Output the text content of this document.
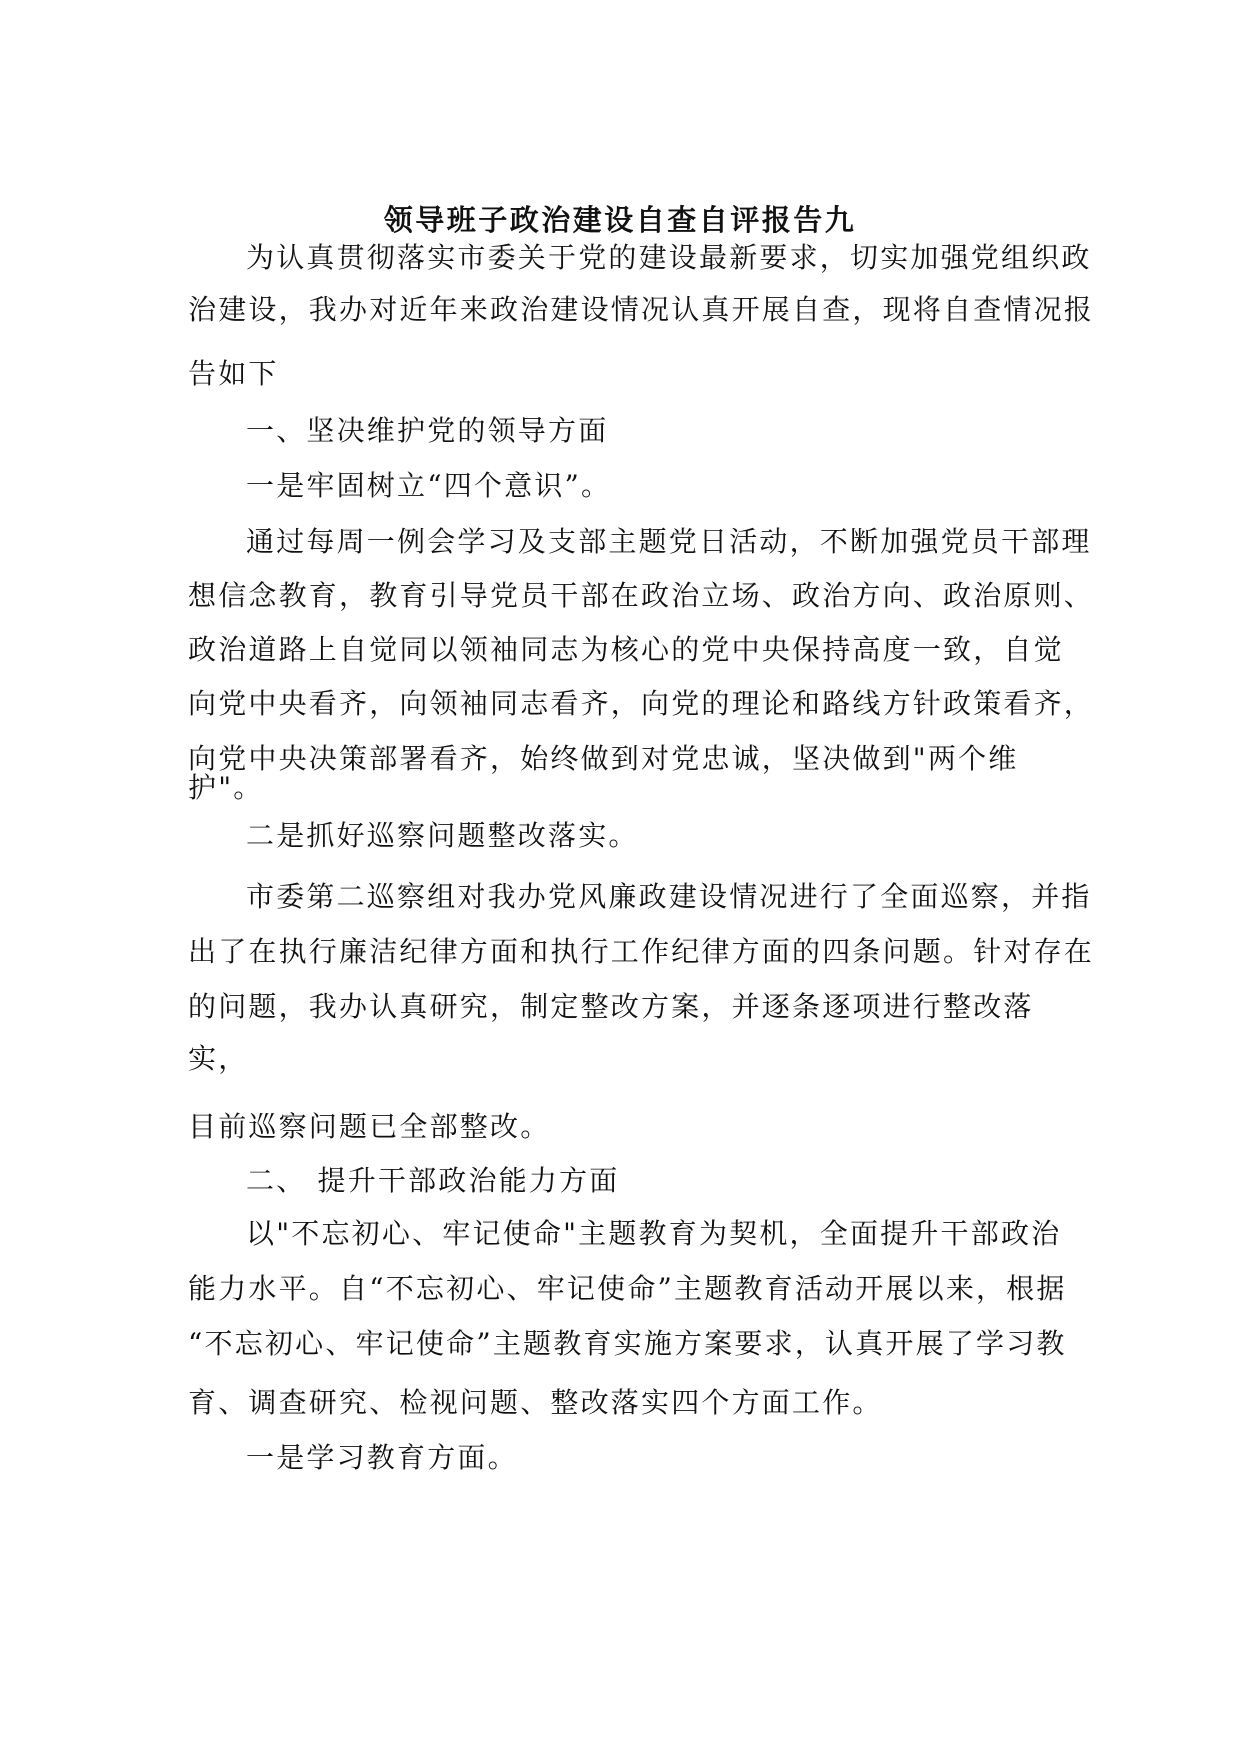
领导班子政治建设自查自评报告九
为认真贯彻落实市委关于党的建设最新要求，切实加强党组织政
治建设，我办对近年来政治建设情况认真开展自查，现将自查情况报
告如下
一、坚决维护党的领导方面
一是牢固树立“四个意识”。
通过每周一例会学习及支部主题党日活动，不断加强党员干部理
想信念教育，教育引导党员干部在政治立场、政治方向、政治原则、
政治道路上自觉同以领袖同志为核心的党中央保持高度一致，自觉
向党中央看齐，向领袖同志看齐，向党的理论和路线方针政策看齐，
向党中央决策部署看齐，始终做到对党忠诚，坚决做到"两个维
护"。
二是抓好巡察问题整改落实。
市委第二巡察组对我办党风廉政建设情况进行了全面巡察，并指
出了在执行廉洁纪律方面和执行工作纪律方面的四条问题。针对存在
的问题，我办认真研究，制定整改方案，并逐条逐项进行整改落
实，
目前巡察问题已全部整改。
二、 提升干部政治能力方面
以"不忘初心、牢记使命"主题教育为契机，全面提升干部政治
能力水平。自“不忘初心、牢记使命”主题教育活动开展以来，根据
“不忘初心、牢记使命”主题教育实施方案要求，认真开展了学习教
育、调查研究、检视问题、整改落实四个方面工作。
一是学习教育方面。
